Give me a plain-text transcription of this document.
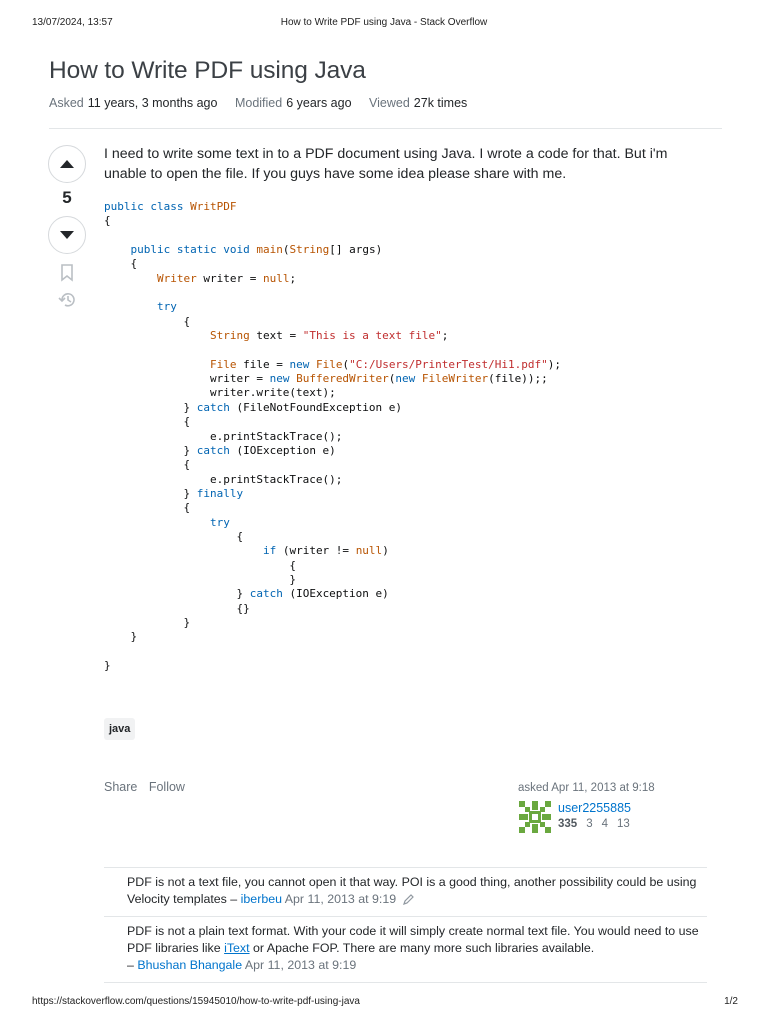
13/07/2024, 13:57	How to Write PDF using Java - Stack Overflow
How to Write PDF using Java
Asked 11 years, 3 months ago Modified 6 years ago Viewed 27k times
5
I need to write some text in to a PDF document using Java. I wrote a code for that. But i'm
unable to open the file. If you guys have some idea please share with me.
public class WritPDF
{

public static void main(String[] args)
{
Writer writer = null;

try
{
String text = "This is a text file";

File file = new File("C:/Users/PrinterTest/Hi1.pdf");
writer = new BufferedWriter(new FileWriter(file));;
writer.write(text);
} catch (FileNotFoundException e)
{
e.printStackTrace();
} catch (IOException e)
{
e.printStackTrace();
} finally
{
try
{
if (writer != null)
{
}
} catch (IOException e)
{}
}
}

}
java
Share Follow	asked Apr 11, 2013 at 9:18
user2255885
335 3 4 13
PDF is not a text file, you cannot open it that way. POI is a good thing, another possibility could be using Velocity templates – iberbeu Apr 11, 2013 at 9:19
PDF is not a plain text format. With your code it will simply create normal text file. You would need to use PDF libraries like iText or Apache FOP. There are many more such libraries available.
– Bhushan Bhangale Apr 11, 2013 at 9:19
https://stackoverflow.com/questions/15945010/how-to-write-pdf-using-java	1/2
